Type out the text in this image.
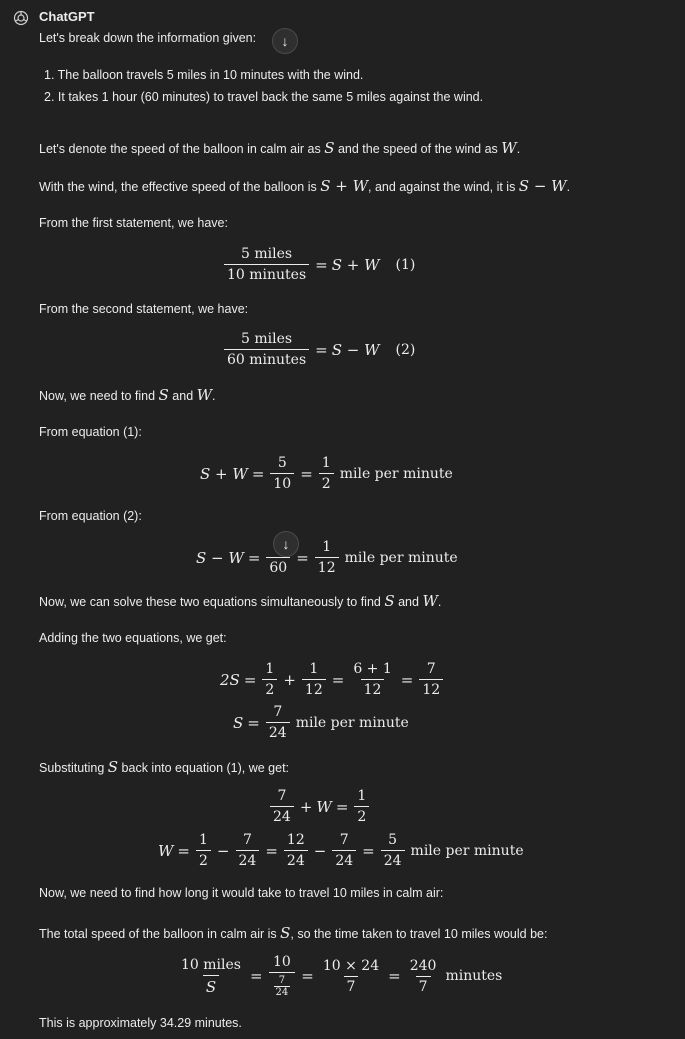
ChatGPT
Let's break down the information given: ↓
1. The balloon travels 5 miles in 10 minutes with the wind.
2. It takes 1 hour (60 minutes) to travel back the same 5 miles against the wind.
Let's denote the speed of the balloon in calm air as S and the speed of the wind as W.
With the wind, the effective speed of the balloon is S + W, and against the wind, it is S − W.
From the first statement, we have:
$\frac{\text{5 miles}}{\text{10 minutes}} = S + W$ (1)
From the second statement, we have:
$\frac{\text{5 miles}}{\text{60 minutes}} = S - W$ (2)
Now, we need to find S and W.
From equation (1):
$S + W = \frac{5}{10} = \frac{1}{2}$ mile per minute
From equation (2):
S − W =
60
= $\frac{1}{12}$ mile per minute
↓
Now, we can solve these two equations simultaneously to find S and W.
Adding the two equations, we get:
$2S = \frac{1}{2} + \frac{1}{12} = \frac{6 + 1}{12} = \frac{7}{12}$
$S = \frac{7}{24}$ mile per minute
Substituting S back into equation (1), we get:
$\frac{7}{24} + W = \frac{1}{2}$
$W = \frac{1}{2} - \frac{7}{24} = \frac{12}{24} - \frac{7}{24} = \frac{5}{24}$ mile per minute
Now, we need to find how long it would take to travel 10 miles in calm air:
The total speed of the balloon in calm air is S, so the time taken to travel 10 miles would be:
$\frac{\text{10 miles}}{S} = \frac{10}{\frac{7}{24}} = \frac{10 \times 24}{7} = \frac{240}{7}$ minutes
This is approximately 34.29 minutes.
